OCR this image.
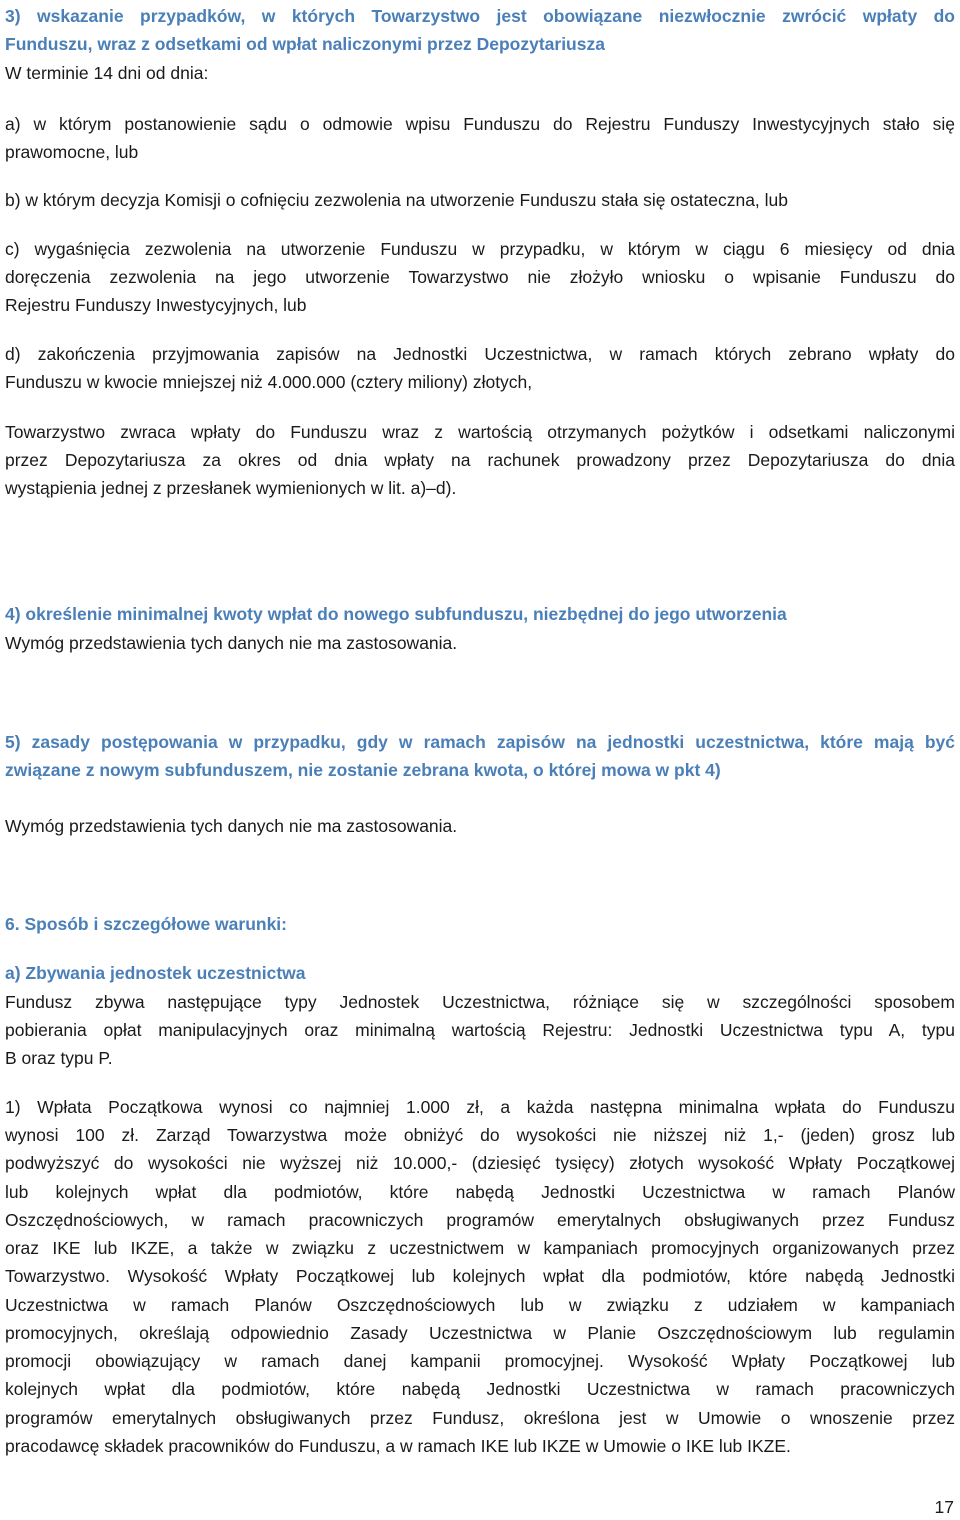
3) wskazanie przypadków, w których Towarzystwo jest obowiązane niezwłocznie zwrócić wpłaty do
Funduszu, wraz z odsetkami od wpłat naliczonymi przez Depozytariusza
W terminie 14 dni od dnia:
a) w którym postanowienie sądu o odmowie wpisu Funduszu do Rejestru Funduszy Inwestycyjnych stało się
prawomocne, lub
b) w którym decyzja Komisji o cofnięciu zezwolenia na utworzenie Funduszu stała się ostateczna, lub
c) wygaśnięcia zezwolenia na utworzenie Funduszu w przypadku, w którym w ciągu 6 miesięcy od dnia
doręczenia zezwolenia na jego utworzenie Towarzystwo nie złożyło wniosku o wpisanie Funduszu do
Rejestru Funduszy Inwestycyjnych, lub
d) zakończenia przyjmowania zapisów na Jednostki Uczestnictwa, w ramach których zebrano wpłaty do
Funduszu w kwocie mniejszej niż 4.000.000 (cztery miliony) złotych,
Towarzystwo zwraca wpłaty do Funduszu wraz z wartością otrzymanych pożytków i odsetkami naliczonymi
przez Depozytariusza za okres od dnia wpłaty na rachunek prowadzony przez Depozytariusza do dnia
wystąpienia jednej z przesłanek wymienionych w lit. a)–d).
4) określenie minimalnej kwoty wpłat do nowego subfunduszu, niezbędnej do jego utworzenia
Wymóg przedstawienia tych danych nie ma zastosowania.
5) zasady postępowania w przypadku, gdy w ramach zapisów na jednostki uczestnictwa, które mają być
związane z nowym subfunduszem, nie zostanie zebrana kwota, o której mowa w pkt 4)
Wymóg przedstawienia tych danych nie ma zastosowania.
6. Sposób i szczegółowe warunki:
a) Zbywania jednostek uczestnictwa
Fundusz zbywa następujące typy Jednostek Uczestnictwa, różniące się w szczególności sposobem
pobierania opłat manipulacyjnych oraz minimalną wartością Rejestru: Jednostki Uczestnictwa typu A, typu
B oraz typu P.
1) Wpłata Początkowa wynosi co najmniej 1.000 zł, a każda następna minimalna wpłata do Funduszu
wynosi 100 zł. Zarząd Towarzystwa może obniżyć do wysokości nie niższej niż 1,- (jeden) grosz lub
podwyższyć do wysokości nie wyższej niż 10.000,- (dziesięć tysięcy) złotych wysokość Wpłaty Początkowej
lub kolejnych wpłat dla podmiotów, które nabędą Jednostki Uczestnictwa w ramach Planów
Oszczędnościowych, w ramach pracowniczych programów emerytalnych obsługiwanych przez Fundusz
oraz IKE lub IKZE, a także w związku z uczestnictwem w kampaniach promocyjnych organizowanych przez
Towarzystwo. Wysokość Wpłaty Początkowej lub kolejnych wpłat dla podmiotów, które nabędą Jednostki
Uczestnictwa w ramach Planów Oszczędnościowych lub w związku z udziałem w kampaniach
promocyjnych, określają odpowiednio Zasady Uczestnictwa w Planie Oszczędnościowym lub regulamin
promocji obowiązujący w ramach danej kampanii promocyjnej. Wysokość Wpłaty Początkowej lub
kolejnych wpłat dla podmiotów, które nabędą Jednostki Uczestnictwa w ramach pracowniczych
programów emerytalnych obsługiwanych przez Fundusz, określona jest w Umowie o wnoszenie przez
pracodawcę składek pracowników do Funduszu, a w ramach IKE lub IKZE w Umowie o IKE lub IKZE.
17
